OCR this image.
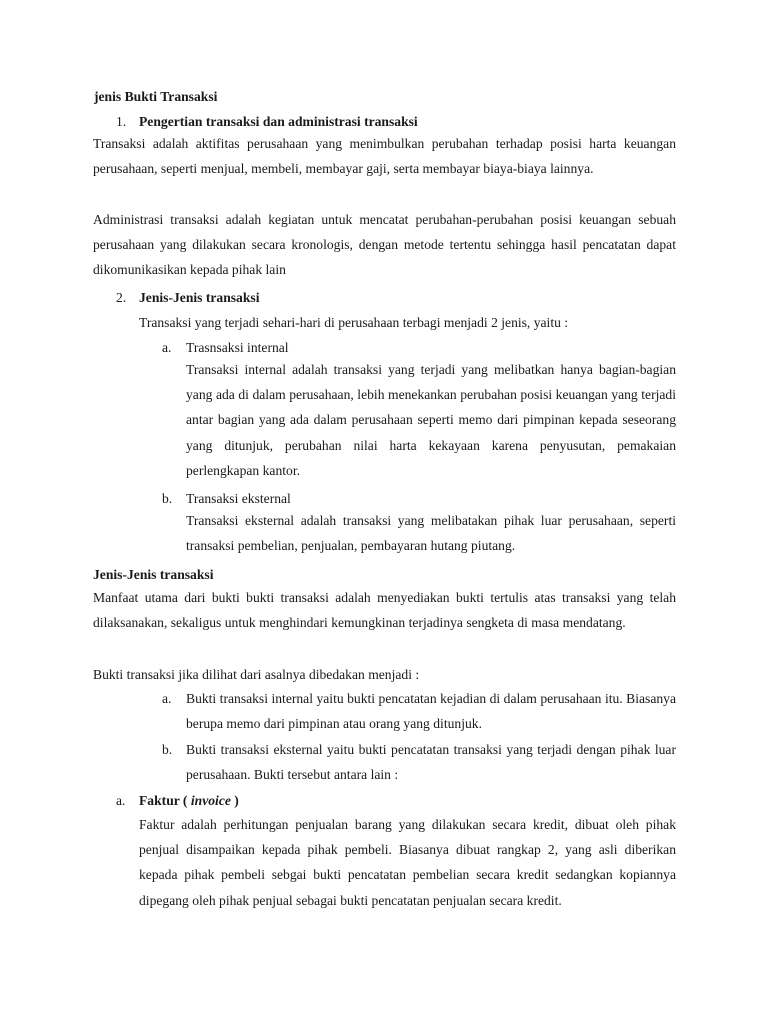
jenis Bukti Transaksi
1. Pengertian transaksi dan administrasi transaksi
Transaksi adalah aktifitas perusahaan yang menimbulkan perubahan terhadap posisi harta keuangan perusahaan, seperti menjual, membeli, membayar gaji, serta membayar biaya-biaya lainnya.
Administrasi transaksi adalah kegiatan untuk mencatat perubahan-perubahan posisi keuangan sebuah perusahaan yang dilakukan secara kronologis, dengan metode tertentu sehingga hasil pencatatan dapat dikomunikasikan kepada pihak lain
2. Jenis-Jenis transaksi
Transaksi yang terjadi sehari-hari di perusahaan terbagi menjadi 2 jenis, yaitu :
a. Trasnsaksi internal
Transaksi internal adalah transaksi yang terjadi yang melibatkan hanya bagian-bagian yang ada di dalam perusahaan, lebih menekankan perubahan posisi keuangan yang terjadi antar bagian yang ada dalam perusahaan seperti memo dari pimpinan kepada seseorang yang ditunjuk, perubahan nilai harta kekayaan karena penyusutan, pemakaian perlengkapan kantor.
b. Transaksi eksternal
Transaksi eksternal adalah transaksi yang melibatakan pihak luar perusahaan, seperti transaksi pembelian, penjualan, pembayaran hutang piutang.
Jenis-Jenis transaksi
Manfaat utama dari bukti bukti transaksi adalah menyediakan bukti tertulis atas transaksi yang telah dilaksanakan, sekaligus untuk menghindari kemungkinan terjadinya sengketa di masa mendatang.
Bukti transaksi jika dilihat dari asalnya dibedakan menjadi :
a. Bukti transaksi internal yaitu bukti pencatatan kejadian di dalam perusahaan itu. Biasanya berupa memo dari pimpinan atau orang yang ditunjuk.
b. Bukti transaksi eksternal yaitu bukti pencatatan transaksi yang terjadi dengan pihak luar perusahaan. Bukti tersebut antara lain :
a. Faktur ( invoice )
Faktur adalah perhitungan penjualan barang yang dilakukan secara kredit, dibuat oleh pihak penjual disampaikan kepada pihak pembeli. Biasanya dibuat rangkap 2, yang asli diberikan kepada pihak pembeli sebgai bukti pencatatan pembelian secara kredit sedangkan kopiannya dipegang oleh pihak penjual sebagai bukti pencatatan penjualan secara kredit.
